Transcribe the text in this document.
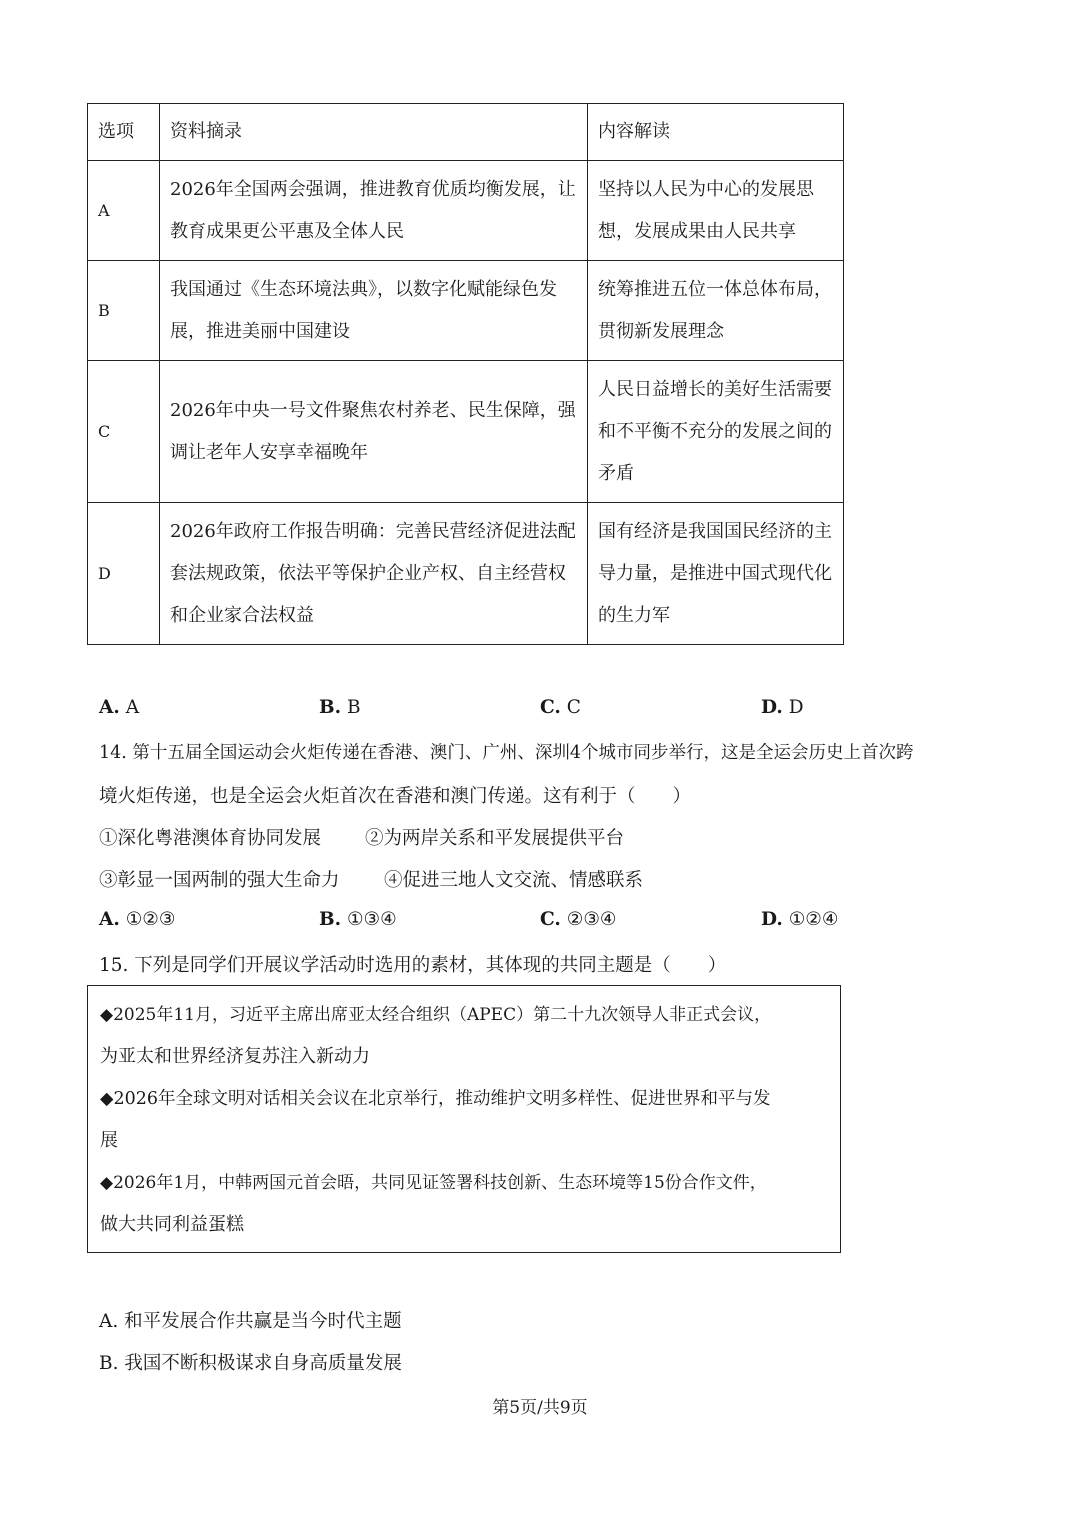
选项	资料摘录	内容解读
A	2026年全国两会强调，推进教育优质均衡发展，让教育成果更公平惠及全体人民	坚持以人民为中心的发展思想，发展成果由人民共享
B	我国通过《生态环境法典》，以数字化赋能绿色发展，推进美丽中国建设	统筹推进五位一体总体布局，贯彻新发展理念
C	2026年中央一号文件聚焦农村养老、民生保障，强调让老年人安享幸福晚年	人民日益增长的美好生活需要和不平衡不充分的发展之间的矛盾
D	2026年政府工作报告明确：完善民营经济促进法配套法规政策，依法平等保护企业产权、自主经营权和企业家合法权益	国有经济是我国国民经济的主导力量，是推进中国式现代化的生力军
A. A	B. B	C. C	D. D
14. 第十五届全国运动会火炬传递在香港、澳门、广州、深圳4个城市同步举行，这是全运会历史上首次跨
境火炬传递，也是全运会火炬首次在香港和澳门传递。这有利于（　　）
①深化粤港澳体育协同发展 ②为两岸关系和平发展提供平台
③彰显一国两制的强大生命力 ④促进三地人文交流、情感联系
A. ①②③	B. ①③④	C. ②③④	D. ①②④
15. 下列是同学们开展议学活动时选用的素材，其体现的共同主题是（　　）

◆2025年11月，习近平主席出席亚太经合组织（APEC）第二十九次领导人非正式会议，

为亚太和世界经济复苏注入新动力

◆2026年全球文明对话相关会议在北京举行，推动维护文明多样性、促进世界和平与发

展

◆2026年1月，中韩两国元首会晤，共同见证签署科技创新、生态环境等15份合作文件，

做大共同利益蛋糕

A. 和平发展合作共赢是当今时代主题
B. 我国不断积极谋求自身高质量发展
第5页/共9页
